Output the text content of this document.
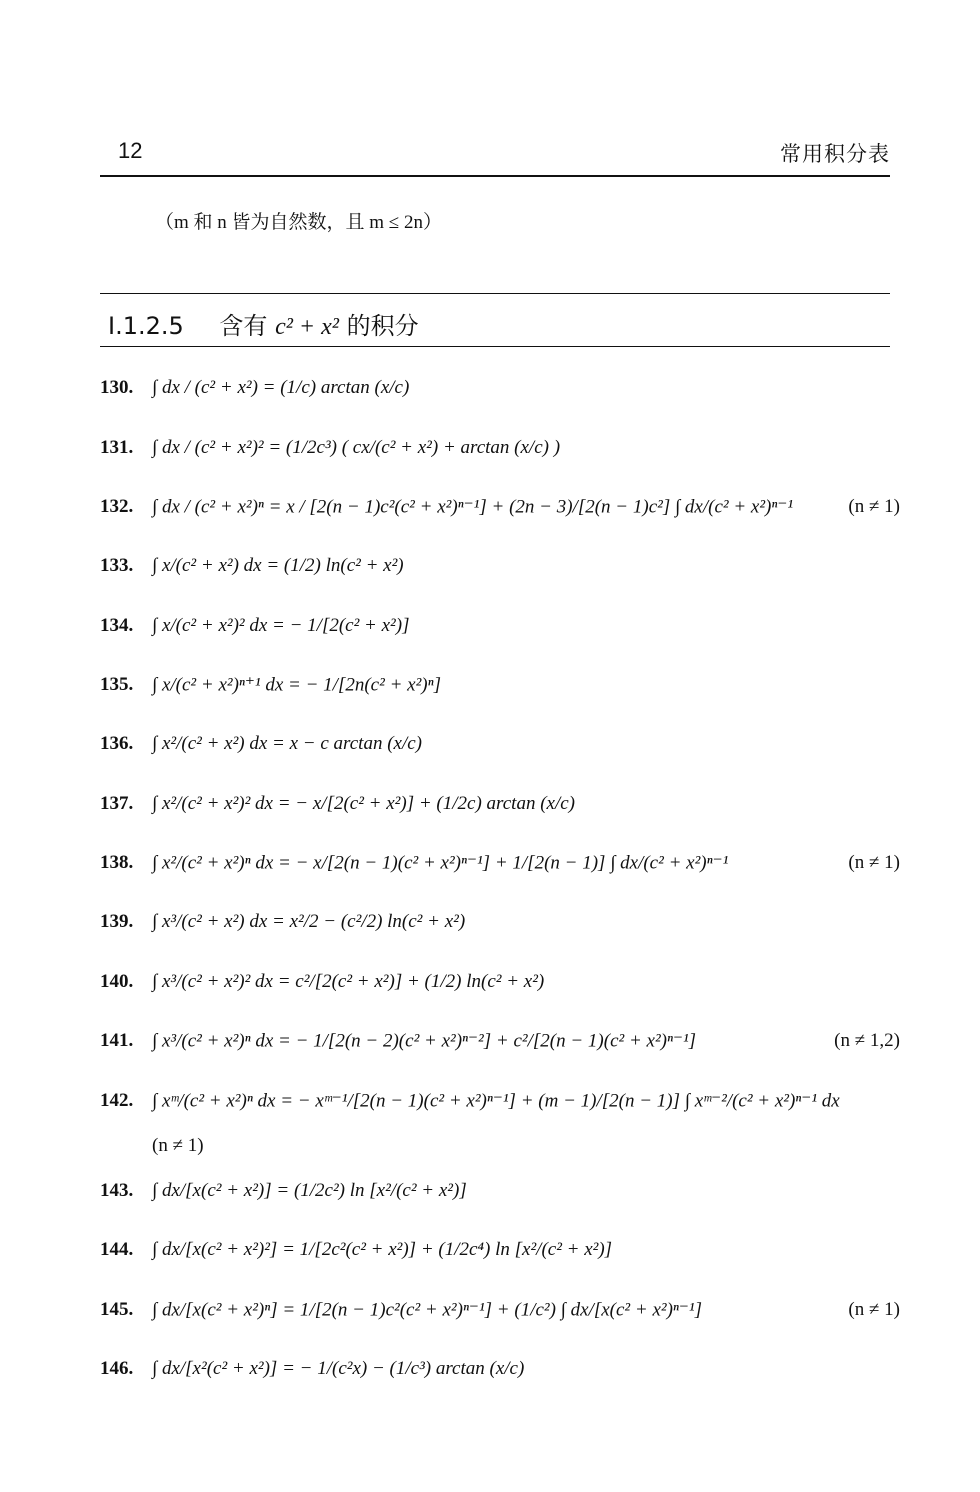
12	常用积分表
（m 和 n 皆为自然数，且 m ≤ 2n）
Ⅰ.1.2.5 含有 c² + x² 的积分
130. ∫ dx / (c² + x²) = (1/c) arctan (x/c)
131. ∫ dx / (c² + x²)² = (1/2c³) ( cx/(c² + x²) + arctan (x/c) )
132. ∫ dx / (c² + x²)ⁿ = x / [2(n − 1)c²(c² + x²)ⁿ⁻¹] + (2n − 3)/[2(n − 1)c²] ∫ dx/(c² + x²)ⁿ⁻¹	(n ≠ 1)
133. ∫ x/(c² + x²) dx = (1/2) ln(c² + x²)
134. ∫ x/(c² + x²)² dx = − 1/[2(c² + x²)]
135. ∫ x/(c² + x²)ⁿ⁺¹ dx = − 1/[2n(c² + x²)ⁿ]
136. ∫ x²/(c² + x²) dx = x − c arctan (x/c)
137. ∫ x²/(c² + x²)² dx = − x/[2(c² + x²)] + (1/2c) arctan (x/c)
138. ∫ x²/(c² + x²)ⁿ dx = − x/[2(n − 1)(c² + x²)ⁿ⁻¹] + 1/[2(n − 1)] ∫ dx/(c² + x²)ⁿ⁻¹	(n ≠ 1)
139. ∫ x³/(c² + x²) dx = x²/2 − (c²/2) ln(c² + x²)
140. ∫ x³/(c² + x²)² dx = c²/[2(c² + x²)] + (1/2) ln(c² + x²)
141. ∫ x³/(c² + x²)ⁿ dx = − 1/[2(n − 2)(c² + x²)ⁿ⁻²] + c²/[2(n − 1)(c² + x²)ⁿ⁻¹]	(n ≠ 1,2)
142. ∫ xᵐ/(c² + x²)ⁿ dx = − xᵐ⁻¹/[2(n − 1)(c² + x²)ⁿ⁻¹] + (m − 1)/[2(n − 1)] ∫ xᵐ⁻²/(c² + x²)ⁿ⁻¹ dx
(n ≠ 1)
143. ∫ dx/[x(c² + x²)] = (1/2c²) ln [x²/(c² + x²)]
144. ∫ dx/[x(c² + x²)²] = 1/[2c²(c² + x²)] + (1/2c⁴) ln [x²/(c² + x²)]
145. ∫ dx/[x(c² + x²)ⁿ] = 1/[2(n − 1)c²(c² + x²)ⁿ⁻¹] + (1/c²) ∫ dx/[x(c² + x²)ⁿ⁻¹]	(n ≠ 1)
146. ∫ dx/[x²(c² + x²)] = − 1/(c²x) − (1/c³) arctan (x/c)
